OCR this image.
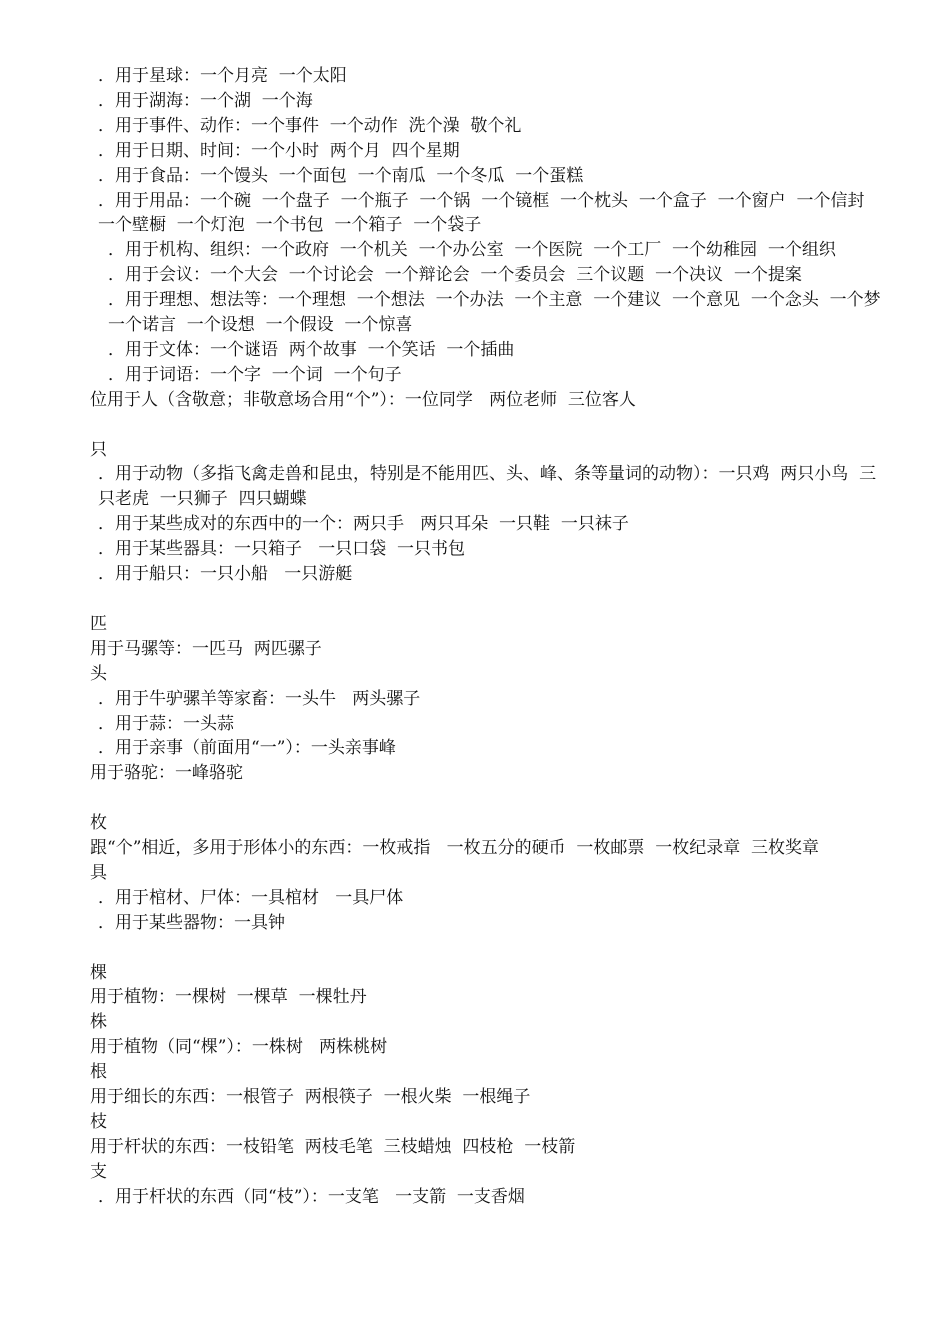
．用于星球：一个月亮  一个太阳
．用于湖海：一个湖  一个海
．用于事件、动作：一个事件  一个动作  洗个澡  敬个礼
．用于日期、时间：一个小时  两个月  四个星期
．用于食品：一个馒头  一个面包  一个南瓜  一个冬瓜  一个蛋糕
．用于用品：一个碗  一个盘子  一个瓶子  一个锅  一个镜框  一个枕头  一个盒子  一个窗户  一个信封  一个壁橱  一个灯泡  一个书包  一个箱子  一个袋子
．用于机构、组织：一个政府  一个机关  一个办公室  一个医院  一个工厂  一个幼稚园  一个组织
．用于会议：一个大会  一个讨论会  一个辩论会  一个委员会  三个议题  一个决议  一个提案
．用于理想、想法等：一个理想  一个想法  一个办法  一个主意  一个建议  一个意见  一个念头  一个梦  一个诺言  一个设想  一个假设  一个惊喜
．用于文体：一个谜语  两个故事  一个笑话  一个插曲
．用于词语：一个字  一个词  一个句子
位用于人（含敬意；非敬意场合用“个”）：一位同学   两位老师  三位客人
只
．用于动物（多指飞禽走兽和昆虫，特别是不能用匹、头、峰、条等量词的动物）：一只鸡  两只小鸟  三只老虎  一只狮子  四只蝴蝶
．用于某些成对的东西中的一个：两只手   两只耳朵  一只鞋  一只袜子
．用于某些器具：一只箱子   一只口袋  一只书包
．用于船只：一只小船   一只游艇
匹
用于马骡等：一匹马  两匹骡子
头
．用于牛驴骡羊等家畜：一头牛   两头骡子
．用于蒜：一头蒜
．用于亲事（前面用“一”）：一头亲事峰
用于骆驼：一峰骆驼
枚
跟“个”相近，多用于形体小的东西：一枚戒指   一枚五分的硬币  一枚邮票  一枚纪录章  三枚奖章
具
．用于棺材、尸体：一具棺材   一具尸体
．用于某些器物：一具钟
棵
用于植物：一棵树  一棵草  一棵牡丹
株
用于植物（同“棵”）：一株树   两株桃树
根
用于细长的东西：一根管子  两根筷子  一根火柴  一根绳子
枝
用于杆状的东西：一枝铅笔  两枝毛笔  三枝蜡烛  四枝枪  一枝箭
支
．用于杆状的东西（同“枝”）：一支笔   一支箭  一支香烟
